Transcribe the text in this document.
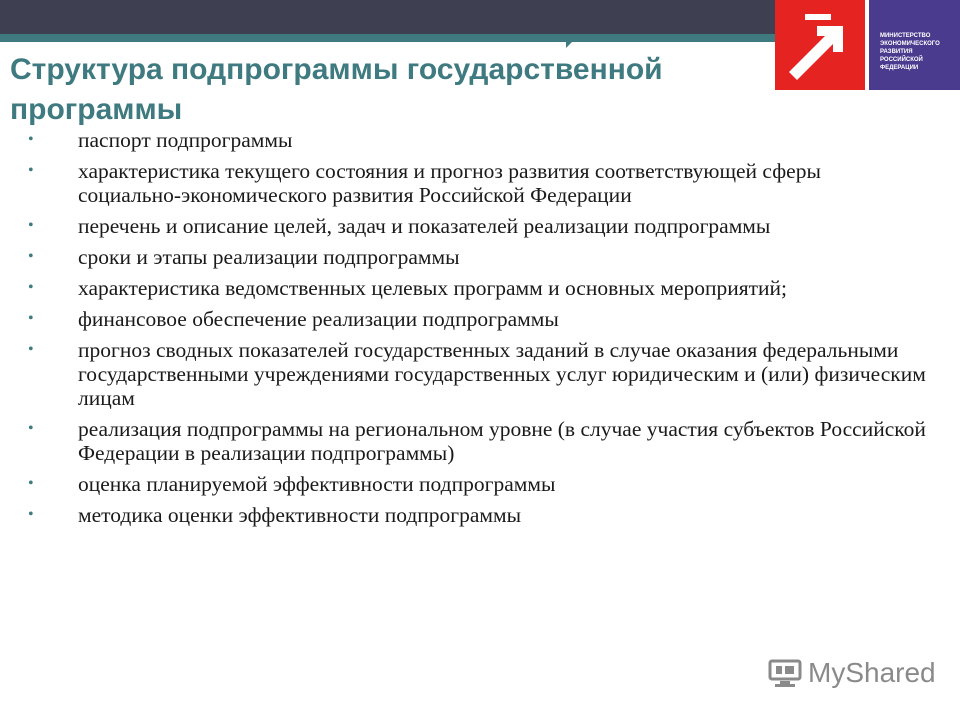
Структура подпрограммы государственной программы

МИНИСТЕРСТВО
ЭКОНОМИЧЕСКОГО
РАЗВИТИЯ
РОССИЙСКОЙ
ФЕДЕРАЦИИ

• паспорт подпрограммы
• характеристика текущего состояния и прогноз развития соответствующей сферы социально-экономического развития Российской Федерации
• перечень и описание целей, задач и показателей реализации подпрограммы
• сроки и этапы реализации подпрограммы
• характеристика ведомственных целевых программ и основных мероприятий;
• финансовое обеспечение реализации подпрограммы
• прогноз сводных показателей государственных заданий в случае оказания федеральными государственными учреждениями государственных услуг юридическим и (или) физическим лицам
• реализация подпрограммы на региональном уровне (в случае участия субъектов Российской Федерации в реализации подпрограммы)
• оценка планируемой эффективности подпрограммы
• методика оценки эффективности подпрограммы
MyShared
